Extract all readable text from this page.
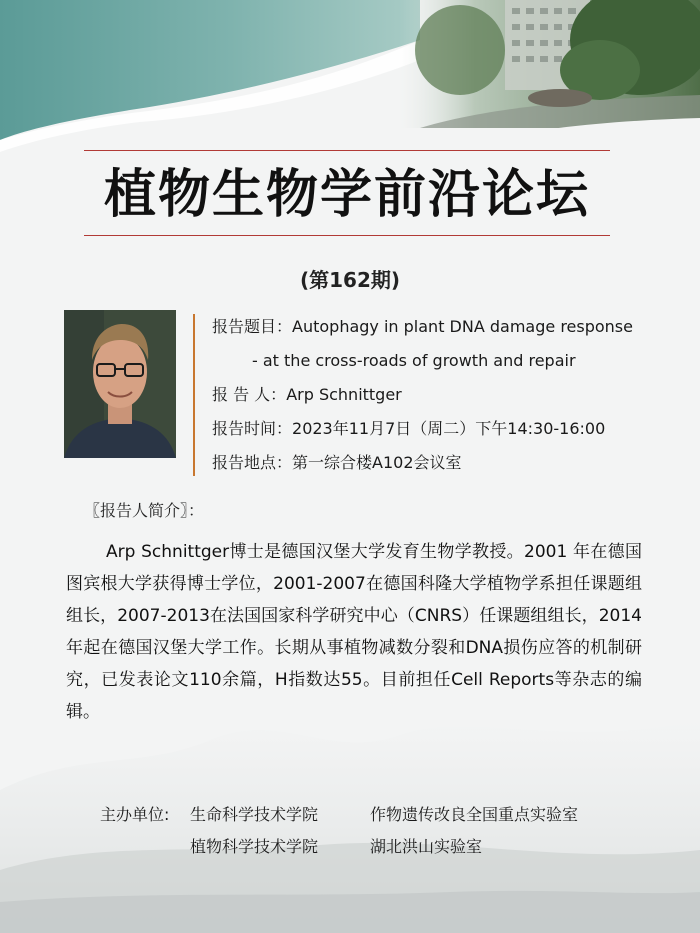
植物生物学前沿论坛
(第162期)
报告题目：Autophagy in plant DNA damage response
- at the cross-roads of growth and repair
报 告 人：Arp Schnittger
报告时间：2023年11月7日（周二）下午14:30-16:00
报告地点：第一综合楼A102会议室
〖报告人简介〗：
Arp Schnittger博士是德国汉堡大学发育生物学教授。2001 年在德国图宾根大学获得博士学位，2001-2007在德国科隆大学植物学系担任课题组组长，2007-2013在法国国家科学研究中心（CNRS）任课题组组长，2014年起在德国汉堡大学工作。长期从事植物减数分裂和DNA损伤应答的机制研究，已发表论文110余篇，H指数达55。目前担任Cell Reports等杂志的编辑。
主办单位: 生命科学技术学院	作物遗传改良全国重点实验室
植物科学技术学院	湖北洪山实验室
